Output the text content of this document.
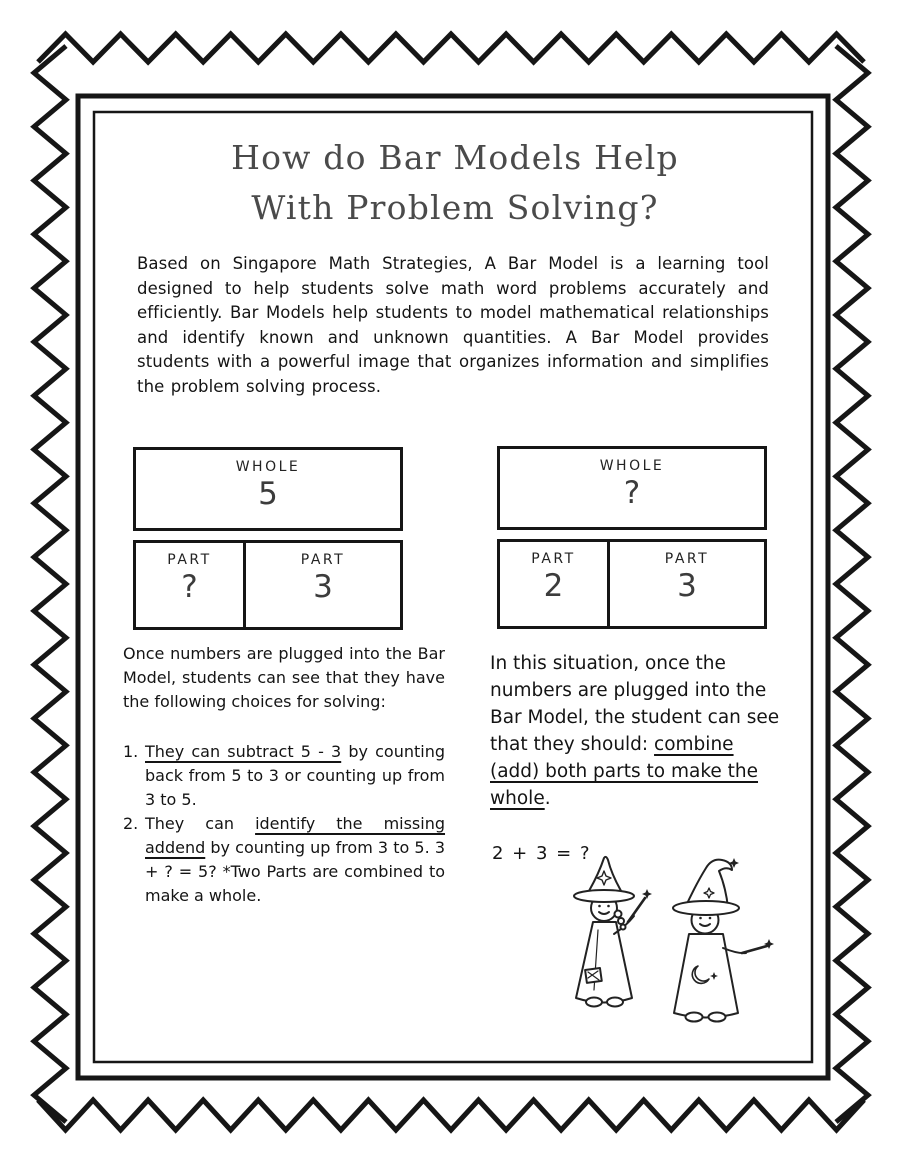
How do Bar Models Help
With Problem Solving?

Based on Singapore Math Strategies, A Bar Model is a learning tool designed to help students solve math word problems accurately and efficiently. Bar Models help students to model mathematical relationships and identify known and unknown quantities. A Bar Model provides students with a powerful image that organizes information and simplifies the problem solving process.

WHOLE
5
PART
?
PART
3
WHOLE
?
PART
2
PART
3

Once numbers are plugged into the Bar Model, students can see that they have the following choices for solving:

1. They can subtract 5 - 3 by counting back from 5 to 3 or counting up from 3 to 5.
2. They can identify the missing addend by counting up from 3 to 5. 3 + ? = 5? *Two Parts are combined to make a whole.
In this situation, once the numbers are plugged into the Bar Model, the student can see that they should: combine (add) both parts to make the whole.
2 + 3 = ?
